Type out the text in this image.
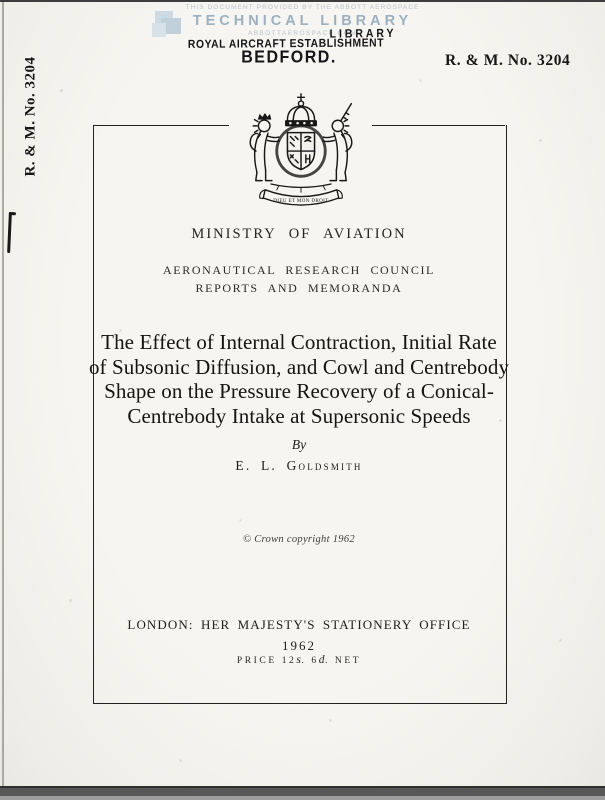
THIS DOCUMENT PROVIDED BY THE ABBOTT AEROSPACE
TECHNICAL LIBRARY
ABBOTTAEROSPACE.COM
LIBRARY
ROYAL AIRCRAFT ESTABLISHMENT
BEDFORD.	R. & M. No. 3204
R. & M. No. 3204
DIEU ET MON DROIT
MINISTRY OF AVIATION
AERONAUTICAL RESEARCH COUNCIL
REPORTS AND MEMORANDA
The Effect of Internal Contraction, Initial Rate
of Subsonic Diffusion, and Cowl and Centrebody
Shape on the Pressure Recovery of a Conical-
Centrebody Intake at Supersonic Speeds
By
E. L. Goldsmith
© Crown copyright 1962
LONDON: HER MAJESTY'S STATIONERY OFFICE
1962
PRICE 12s. 6d. NET
